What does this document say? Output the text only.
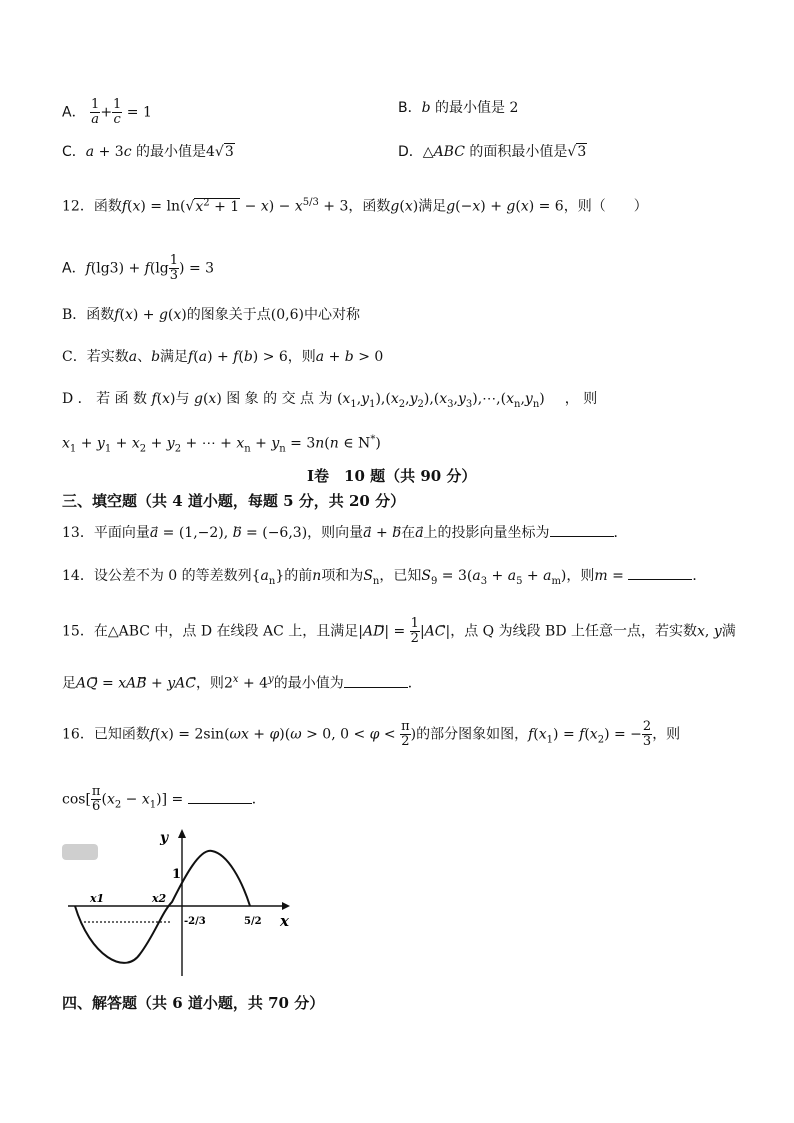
A． $\frac{1}{a} + \frac{1}{c} = 1$	B．b 的最小值是 2
C．a + 3c 的最小值是4√3	D．△ABC 的面积最小值是√3
12．函数$f(x) = \ln(√x^2 + 1 - x) - x^{5/3} + 3$，函数g(x)满足g(−x) + g(x) = 6，则（　　）
A．$f(\lg 3) + f(\lg \frac{1}{3}$ ) = 3
B．函数f(x) + g(x)的图象关于点(0,6)中心对称
C．若实数a、b满足f(a) + f(b) > 6，则a + b > 0
D ． 若 函 数 f(x)与 g(x) 图 象 的 交 点 为 $(x_1,y_1),(x_2,y_2),(x_3,y_3),\cdots,(x_n,y_n)$ ， 则
$x_1 + y_1 + x_2 + y_2$ + ⋯ + $x_n + y_n = 3n(n$ ∈ N*)
Ⅰ卷　10 题（共 90 分）
三、填空题（共 4 道小题，每题 5 分，共 20 分）
13．平面向量a⃗ = (1,−2), b⃗ = (−6,3)，则向量a⃗ + b在a上的投影向量坐标为	．
14．设公差不为 0 的等差数列$\{a_n\}$的前n项和为$S_n$，已知$S_9 = 3(a_3 + a_5 + a_m)$，则m =	．
15．在△ABC 中，点 D 在线段 AC 上，且满足|AD⃗| = $\frac{1}{2}$ |AC⃗|，点 Q 为线段 BD 上任意一点，若实数x, y满
足AQ⃗ = xAB⃗ + yAC，则$2^x + 4^y$的最小值为	．
16．已知函数f(x) = 2sin(ωx + φ)(ω > 0, $0 < \varphi < \frac{\pi}{2}$ )的部分图象如图，$f(x_1) = f(x_2)$ = − $\frac{2}{3}$ ，则
$\cos[ \frac{\pi}{6} (x_2 - x_1)]$ =	．
y
x
1
x1	x2
-2/3	5/2
四、解答题（共 6 道小题，共 70 分）
